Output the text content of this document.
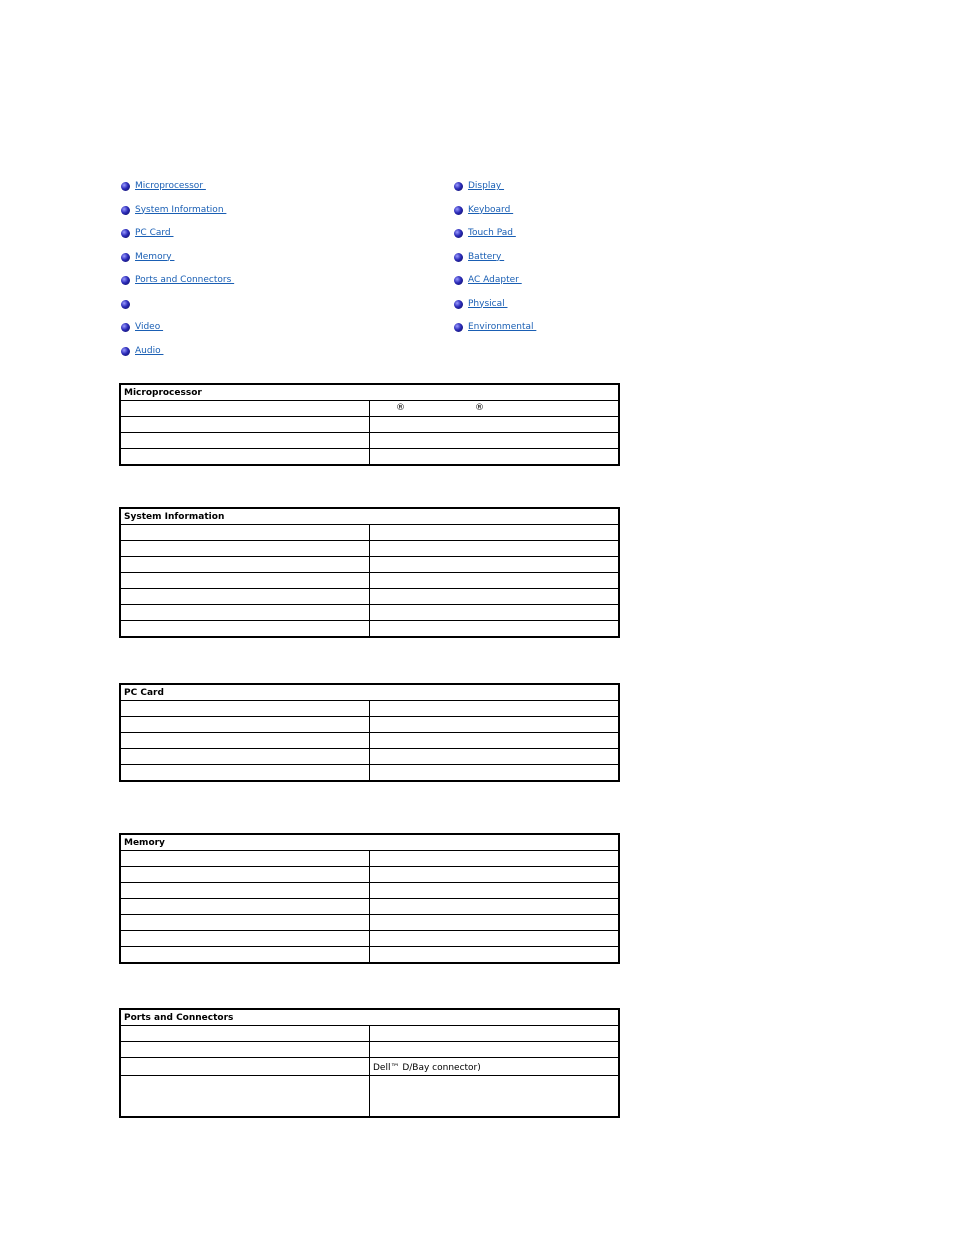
Microprocessor
System Information
PC Card
Memory
Ports and Connectors
Video
Audio
Display
Keyboard
Touch Pad
Battery
AC Adapter
Physical
Environmental
Microprocessor	

	® ®

System Information	

PC Card	

Memory	

Ports and Connectors	

	Dell™ D/Bay connector)
